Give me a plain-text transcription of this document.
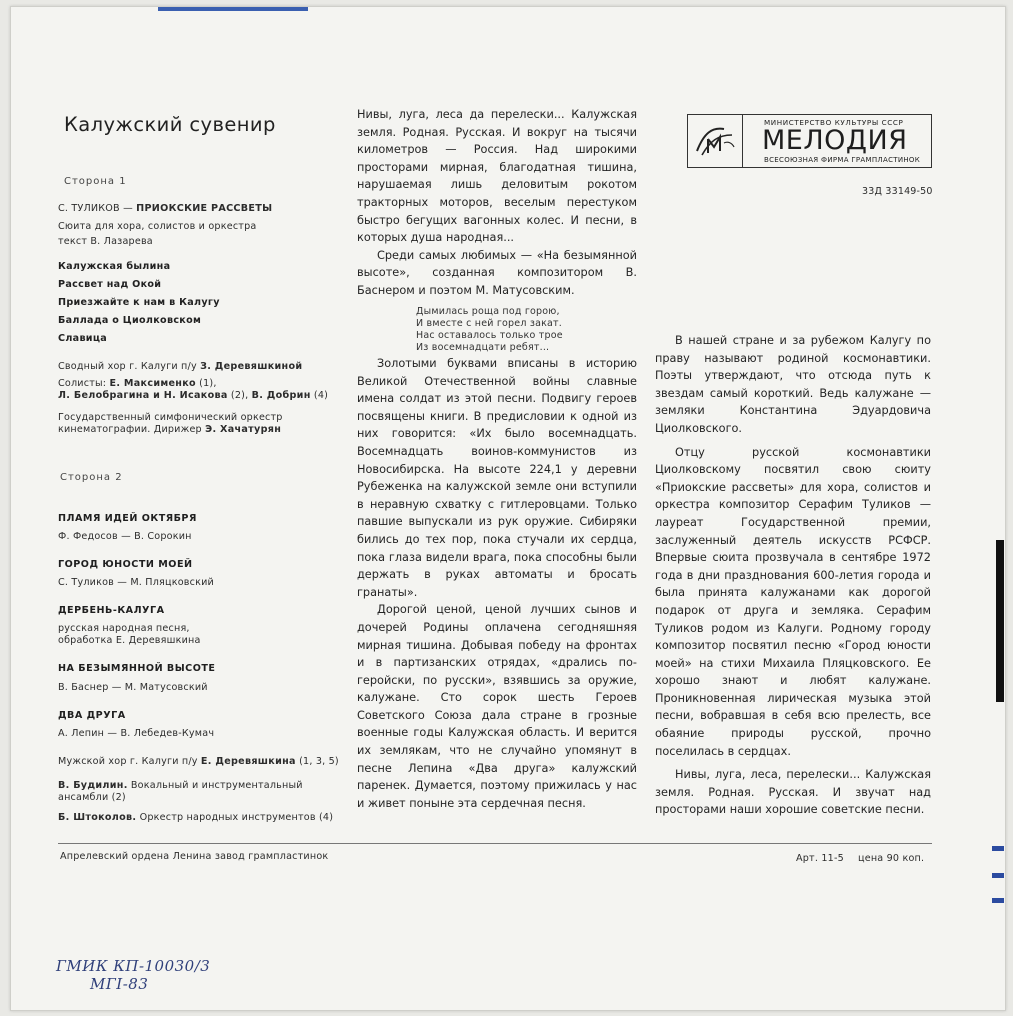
Калужский сувенир	МИНИСТЕРСТВО КУЛЬТУРЫ СССР
МЕЛОДИЯ
ВСЕСОЮЗНАЯ ФИРМА ГРАМПЛАСТИНОК
33Д 33149-50
Сторона 1
С. ТУЛИКОВ — ПРИОКСКИЕ РАССВЕТЫ
Сюита для хора, солистов и оркестра
текст В. Лазарева
Калужская былина
Рассвет над Окой
Приезжайте к нам в Калугу
Баллада о Циолковском
Славица
Сводный хор г. Калуги п/у З. Деревяшкиной
Солисты: Е. Максименко (1),
Л. Белобрагина и Н. Исакова (2), В. Добрин (4)
Государственный симфонический оркестр
кинематографии. Дирижер Э. Хачатурян
Сторона 2
ПЛАМЯ ИДЕЙ ОКТЯБРЯ
Ф. Федосов — В. Сорокин
ГОРОД ЮНОСТИ МОЕЙ
С. Туликов — М. Пляцковский
ДЕРБЕНЬ-КАЛУГА
русская народная песня,
обработка Е. Деревяшкина
НА БЕЗЫМЯННОЙ ВЫСОТЕ
В. Баснер — М. Матусовский
ДВА ДРУГА
А. Лепин — В. Лебедев-Кумач
Мужской хор г. Калуги п/у Е. Деревяшкина (1, 3, 5)
В. Будилин. Вокальный и инструментальный
ансамбли (2)
Б. Штоколов. Оркестр народных инструментов (4)

Нивы, луга, леса да перелески... Калужская земля. Родная. Русская. И вокруг на тысячи километров — Россия. Над широкими просторами мирная, благодатная тишина, нарушаемая лишь деловитым рокотом тракторных моторов, веселым перестуком быстро бегущих вагонных колес. И песни, в которых душа народная...

Среди самых любимых — «На безымянной высоте», созданная композитором В. Баснером и поэтом М. Матусовским.

Дымилась роща под горою,
И вместе с ней горел закат.
Нас оставалось только трое
Из восемнадцати ребят...

Золотыми буквами вписаны в историю Великой Отечественной войны славные имена солдат из этой песни. Подвигу героев посвящены книги. В предисловии к одной из них говорится: «Их было восемнадцать. Восемнадцать воинов-коммунистов из Новосибирска. На высоте 224,1 у деревни Рубеженка на калужской земле они вступили в неравную схватку с гитлеровцами. Только павшие выпускали из рук оружие. Сибиряки бились до тех пор, пока стучали их сердца, пока глаза видели врага, пока способны были держать в руках автоматы и бросать гранаты».

Дорогой ценой, ценой лучших сынов и дочерей Родины оплачена сегодняшняя мирная тишина. Добывая победу на фронтах и в партизанских отрядах, «дрались по-геройски, по русски», взявшись за оружие, калужане. Сто сорок шесть Героев Советского Союза дала стране в грозные военные годы Калужская область. И верится их землякам, что не случайно упомянут в песне Лепина «Два друга» калужский паренек. Думается, поэтому прижилась у нас и живет поныне эта сердечная песня.

В нашей стране и за рубежом Калугу по праву называют родиной космонавтики. Поэты утверждают, что отсюда путь к звездам самый короткий. Ведь калужане — земляки Константина Эдуардовича Циолковского.

Отцу русской космонавтики Циолковскому посвятил свою сюиту «Приокские рассветы» для хора, солистов и оркестра композитор Серафим Туликов — лауреат Государственной премии, заслуженный деятель искусств РСФСР. Впервые сюита прозвучала в сентябре 1972 года в дни празднования 600-летия города и была принята калужанами как дорогой подарок от друга и земляка. Серафим Туликов родом из Калуги. Родному городу композитор посвятил песню «Город юности моей» на стихи Михаила Пляцковского. Ее хорошо знают и любят калужане. Проникновенная лирическая музыка этой песни, вобравшая в себя всю прелесть, все обаяние природы русской, прочно поселилась в сердцах.

Нивы, луга, леса, перелески... Калужская земля. Родная. Русская. И звучат над просторами наши хорошие советские песни.

Апрелевский ордена Ленина завод грампластинок	Арт. 11-5 цена 90 коп.
ГМИК КП-10030/3
МГI-83
